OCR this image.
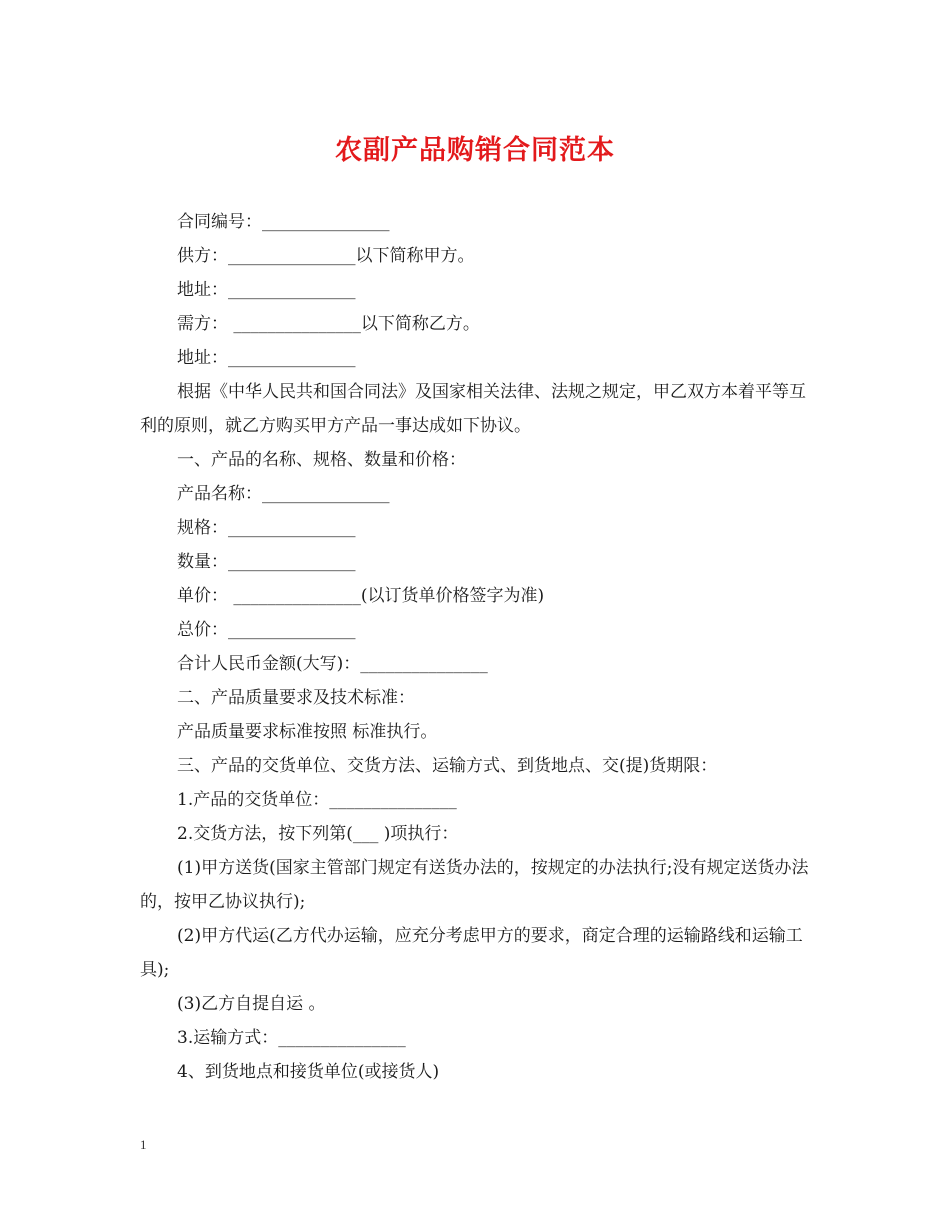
农副产品购销合同范本
合同编号：_______________
供方：_______________以下简称甲方。
地址：_______________
需方： _______________以下简称乙方。
地址：_______________
根据《中华人民共和国合同法》及国家相关法律、法规之规定，甲乙双方本着平等互利的原则，就乙方购买甲方产品一事达成如下协议。
一、产品的名称、规格、数量和价格：
产品名称：_______________
规格：_______________
数量：_______________
单价： _______________(以订货单价格签字为准)
总价：_______________
合计人民币金额(大写)：_______________
二、产品质量要求及技术标准：
产品质量要求标准按照 标准执行。
三、产品的交货单位、交货方法、运输方式、到货地点、交(提)货期限：
1.产品的交货单位：_______________
2.交货方法，按下列第(___ )项执行：
(1)甲方送货(国家主管部门规定有送货办法的，按规定的办法执行;没有规定送货办法的，按甲乙协议执行);
(2)甲方代运(乙方代办运输，应充分考虑甲方的要求，商定合理的运输路线和运输工具);
(3)乙方自提自运 。
3.运输方式：_______________
4、到货地点和接货单位(或接货人)
1
